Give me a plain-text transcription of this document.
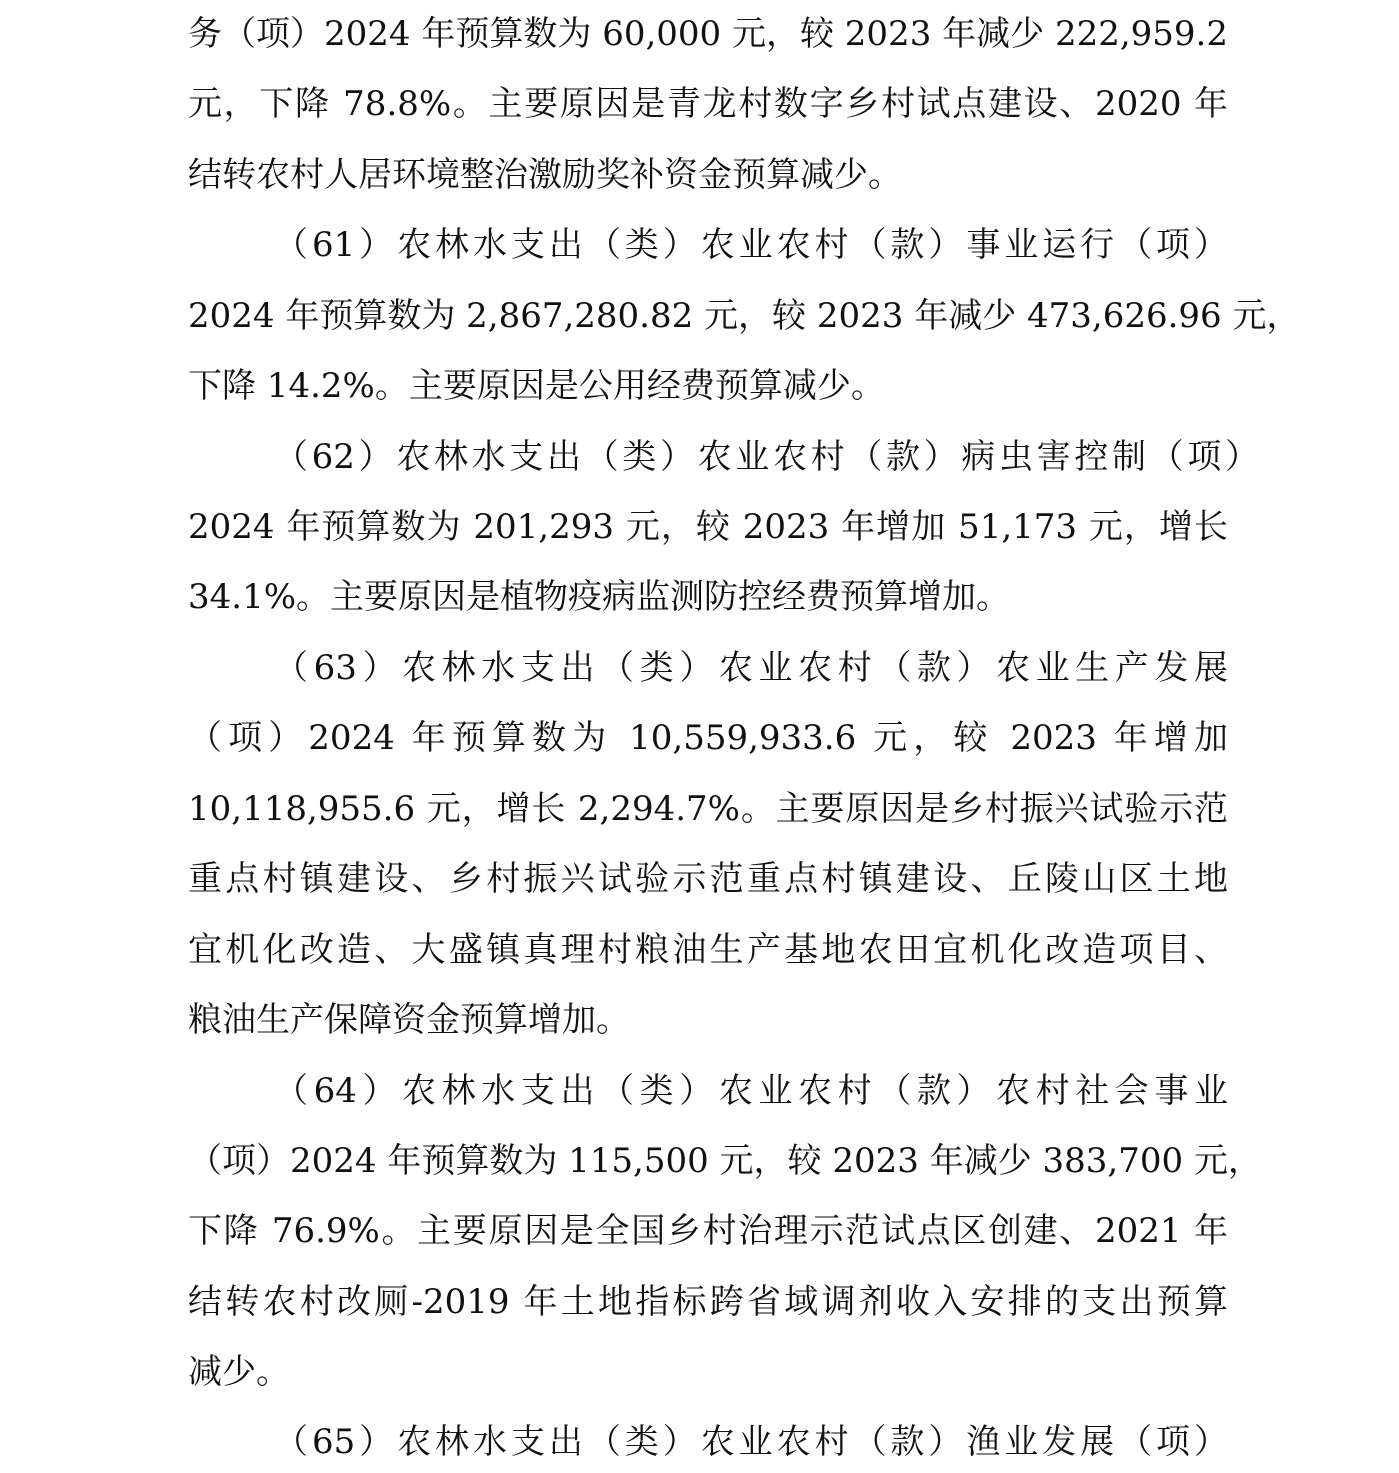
务（项）2024 年预算数为 60,000 元，较 2023 年减少 222,959.2
元，下降 78.8%。主要原因是青龙村数字乡村试点建设、2020 年
结转农村人居环境整治激励奖补资金预算减少。
（61）农林水支出（类）农业农村（款）事业运行（项）
2024 年预算数为 2,867,280.82 元，较 2023 年减少 473,626.96 元，
下降 14.2%。主要原因是公用经费预算减少。
（62）农林水支出（类）农业农村（款）病虫害控制（项）
2024 年预算数为 201,293 元，较 2023 年增加 51,173 元，增长
34.1%。主要原因是植物疫病监测防控经费预算增加。
（63）农林水支出（类）农业农村（款）农业生产发展
（项）2024 年预算数为 10,559,933.6 元，较 2023 年增加
10,118,955.6 元，增长 2,294.7%。主要原因是乡村振兴试验示范
重点村镇建设、乡村振兴试验示范重点村镇建设、丘陵山区土地
宜机化改造、大盛镇真理村粮油生产基地农田宜机化改造项目、
粮油生产保障资金预算增加。
（64）农林水支出（类）农业农村（款）农村社会事业
（项）2024 年预算数为 115,500 元，较 2023 年减少 383,700 元，
下降 76.9%。主要原因是全国乡村治理示范试点区创建、2021 年
结转农村改厕-2019 年土地指标跨省域调剂收入安排的支出预算
减少。
（65）农林水支出（类）农业农村（款）渔业发展（项）
